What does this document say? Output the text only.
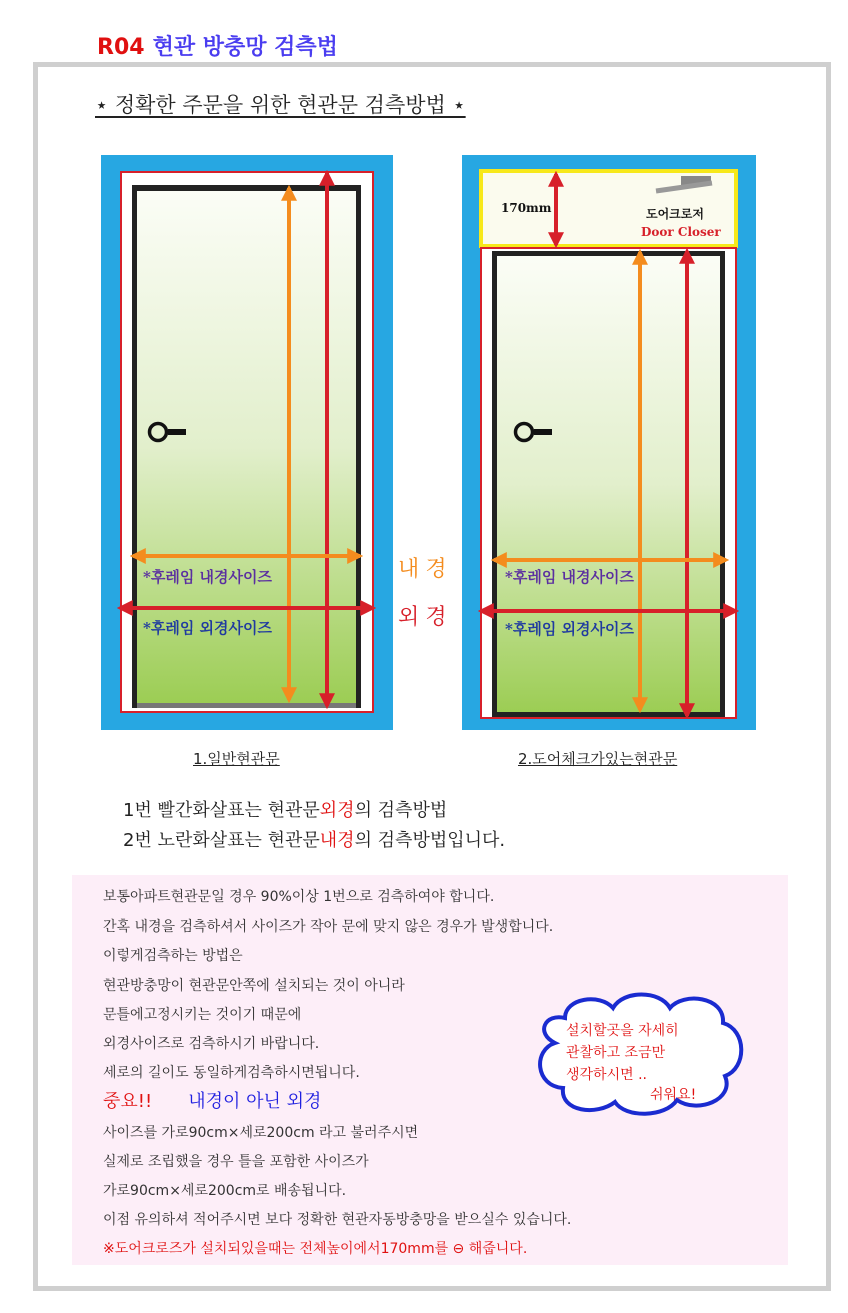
R04 현관 방충망 검측법
⋆ 정확한 주문을 위한 현관문 검측방법 ⋆
*후레임 내경사이즈
*후레임 외경사이즈
내 경
외 경
170mm	도어크로저
Door Closer
*후레임 내경사이즈
*후레임 외경사이즈
1.일반현관문	2.도어체크가있는현관문
1번 빨간화살표는 현관문외경의 검측방법
2번 노란화살표는 현관문내경의 검측방법입니다.
보통아파트현관문일 경우 90%이상 1번으로 검측하여야 합니다.
간혹 내경을 검측하셔서 사이즈가 작아 문에 맞지 않은 경우가 발생합니다.
이렇게검측하는 방법은
현관방충망이 현관문안쪽에 설치되는 것이 아니라
문틀에고정시키는 것이기 때문에
외경사이즈로 검측하시기 바랍니다.
세로의 길이도 동일하게검측하시면됩니다.
중요!! 내경이 아닌 외경
사이즈를 가로90cm×세로200cm 라고 불러주시면
실제로 조립했을 경우 틀을 포함한 사이즈가
가로90cm×세로200cm로 배송됩니다.
이점 유의하셔 적어주시면 보다 정확한 현관자동방충망을 받으실수 있습니다.
※도어크로즈가 설치되있을때는 전체높이에서170mm를 ⊖ 해줍니다.
설치할곳을 자세히
관찰하고 조금만
생각하시면 ..
쉬워요!
